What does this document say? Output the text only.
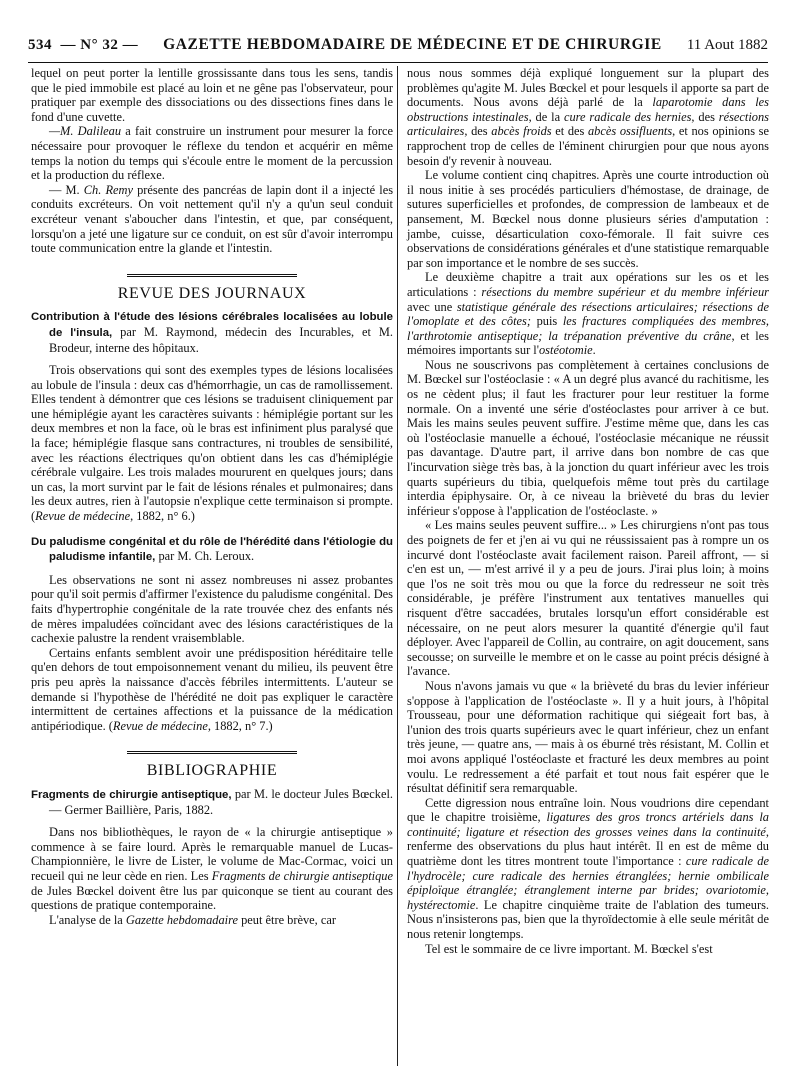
534 — N° 32 — GAZETTE HEBDOMADAIRE DE MÉDECINE ET DE CHIRURGIE 11 Aout 1882

lequel on peut porter la lentille grossissante dans tous les sens, tandis que le pied immobile est placé au loin et ne gêne pas l'observateur, pour pratiquer par exemple des dissociations ou des dissections fines dans le fond d'une cuvette.

—M. Dalileau a fait construire un instrument pour mesurer la force nécessaire pour provoquer le réflexe du tendon et acquérir en même temps la notion du temps qui s'écoule entre le moment de la percussion et la production du réflexe.

— M. Ch. Remy présente des pancréas de lapin dont il a injecté les conduits excréteurs. On voit nettement qu'il n'y a qu'un seul conduit excréteur venant s'aboucher dans l'intestin, et que, par conséquent, lorsqu'on a jeté une ligature sur ce conduit, on est sûr d'avoir interrompu toute communication entre la glande et l'intestin.

REVUE DES JOURNAUX

Contribution à l'étude des lésions cérébrales localisées au lobule de l'insula, par M. Raymond, médecin des Incurables, et M. Brodeur, interne des hôpitaux.

Trois observations qui sont des exemples types de lésions localisées au lobule de l'insula : deux cas d'hémorrhagie, un cas de ramollissement. Elles tendent à démontrer que ces lésions se traduisent cliniquement par une hémiplégie ayant les caractères suivants : hémiplégie portant sur les deux membres et non la face, où le bras est infiniment plus paralysé que la face; hémiplégie flasque sans contractures, ni troubles de sensibilité, avec les réactions électriques qu'on obtient dans les cas d'hémiplégie cérébrale vulgaire. Les trois malades moururent en quelques jours; dans un cas, la mort survint par le fait de lésions rénales et pulmonaires; dans les deux autres, rien à l'autopsie n'explique cette terminaison si prompte. (Revue de médecine, 1882, n° 6.)

Du paludisme congénital et du rôle de l'hérédité dans l'étiologie du paludisme infantile, par M. Ch. Leroux.

Les observations ne sont ni assez nombreuses ni assez probantes pour qu'il soit permis d'affirmer l'existence du paludisme congénital. Des faits d'hypertrophie congénitale de la rate trouvée chez des enfants nés de mères impaludées coïncidant avec des lésions caractéristiques de la cachexie palustre la rendent vraisemblable.

Certains enfants semblent avoir une prédisposition héréditaire telle qu'en dehors de tout empoisonnement venant du milieu, ils peuvent être pris peu après la naissance d'accès fébriles intermittents. L'auteur se demande si l'hypothèse de l'hérédité ne doit pas expliquer le caractère intermittent de certaines affections et la puissance de la médication antipériodique. (Revue de médecine, 1882, n° 7.)

BIBLIOGRAPHIE

Fragments de chirurgie antiseptique, par M. le docteur Jules Bœckel. — Germer Baillière, Paris, 1882.

Dans nos bibliothèques, le rayon de « la chirurgie antiseptique » commence à se faire lourd. Après le remarquable manuel de Lucas-Championnière, le livre de Lister, le volume de Mac-Cormac, voici un recueil qui ne leur cède en rien. Les Fragments de chirurgie antiseptique de Jules Bœckel doivent être lus par quiconque se tient au courant des questions de pratique contemporaine.

L'analyse de la Gazette hebdomadaire peut être brève, car

nous nous sommes déjà expliqué longuement sur la plupart des problèmes qu'agite M. Jules Bœckel et pour lesquels il apporte sa part de documents. Nous avons déjà parlé de la laparotomie dans les obstructions intestinales, de la cure radicale des hernies, des résections articulaires, des abcès froids et des abcès ossifluents, et nos opinions se rapprochent trop de celles de l'éminent chirurgien pour que nous ayons besoin d'y revenir à nouveau.

Le volume contient cinq chapitres. Après une courte introduction où il nous initie à ses procédés particuliers d'hémostase, de drainage, de sutures superficielles et profondes, de compression de lambeaux et de pansement, M. Bœckel nous donne plusieurs séries d'amputation : jambe, cuisse, désarticulation coxo-fémorale. Il fait suivre ces observations de considérations générales et d'une statistique remarquable par son importance et le nombre de ses succès.

Le deuxième chapitre a trait aux opérations sur les os et les articulations : résections du membre supérieur et du membre inférieur avec une statistique générale des résections articulaires; résections de l'omoplate et des côtes; puis les fractures compliquées des membres, l'arthrotomie antiseptique; la trépanation préventive du crâne, et les mémoires importants sur l'ostéotomie.

Nous ne souscrivons pas complètement à certaines conclusions de M. Bœckel sur l'ostéoclasie : « A un degré plus avancé du rachitisme, les os ne cèdent plus; il faut les fracturer pour leur restituer la forme normale. On a inventé une série d'ostéoclastes pour arriver à ce but. Mais les mains seules peuvent suffire. J'estime même que, dans les cas où l'ostéoclasie manuelle a échoué, l'ostéoclasie mécanique ne réussit pas davantage. D'autre part, il arrive dans bon nombre de cas que l'incurvation siège très bas, à la jonction du quart inférieur avec les trois quarts supérieurs du tibia, quelquefois même tout près du cartilage interdia épiphysaire. Or, à ce niveau la brièveté du bras du levier inférieur s'oppose à l'application de l'ostéoclaste. »

« Les mains seules peuvent suffire... » Les chirurgiens n'ont pas tous des poignets de fer et j'en ai vu qui ne réussissaient pas à rompre un os incurvé dont l'ostéoclaste avait facilement raison. Pareil affront, — si c'en est un, — m'est arrivé il y a peu de jours. J'irai plus loin; à moins que l'os ne soit très mou ou que la force du redresseur ne soit très considérable, je préfère l'instrument aux tentatives manuelles qui risquent d'être saccadées, brutales lorsqu'un effort considérable est nécessaire, on ne peut alors mesurer la quantité d'énergie qu'il faut déployer. Avec l'appareil de Collin, au contraire, on agit doucement, sans secousse; on surveille le membre et on le casse au point précis désigné à l'avance.

Nous n'avons jamais vu que « la brièveté du bras du levier inférieur s'oppose à l'application de l'ostéoclaste ». Il y a huit jours, à l'hôpital Trousseau, pour une déformation rachitique qui siégeait fort bas, à l'union des trois quarts supérieurs avec le quart inférieur, chez un enfant très jeune, — quatre ans, — mais à os éburné très résistant, M. Collin et moi avons appliqué l'ostéoclaste et fracturé les deux membres au point voulu. Le redressement a été parfait et tout nous fait espérer que le résultat définitif sera remarquable.

Cette digression nous entraîne loin. Nous voudrions dire cependant que le chapitre troisième, ligatures des gros troncs artériels dans la continuité; ligature et résection des grosses veines dans la continuité, renferme des observations du plus haut intérêt. Il en est de même du quatrième dont les titres montrent toute l'importance : cure radicale de l'hydrocèle; cure radicale des hernies étranglées; hernie ombilicale épiploïque étranglée; étranglement interne par brides; ovariotomie, hystérectomie. Le chapitre cinquième traite de l'ablation des tumeurs. Nous n'insisterons pas, bien que la thyroïdectomie à elle seule méritât de nous retenir longtemps.

Tel est le sommaire de ce livre important. M. Bœckel s'est
